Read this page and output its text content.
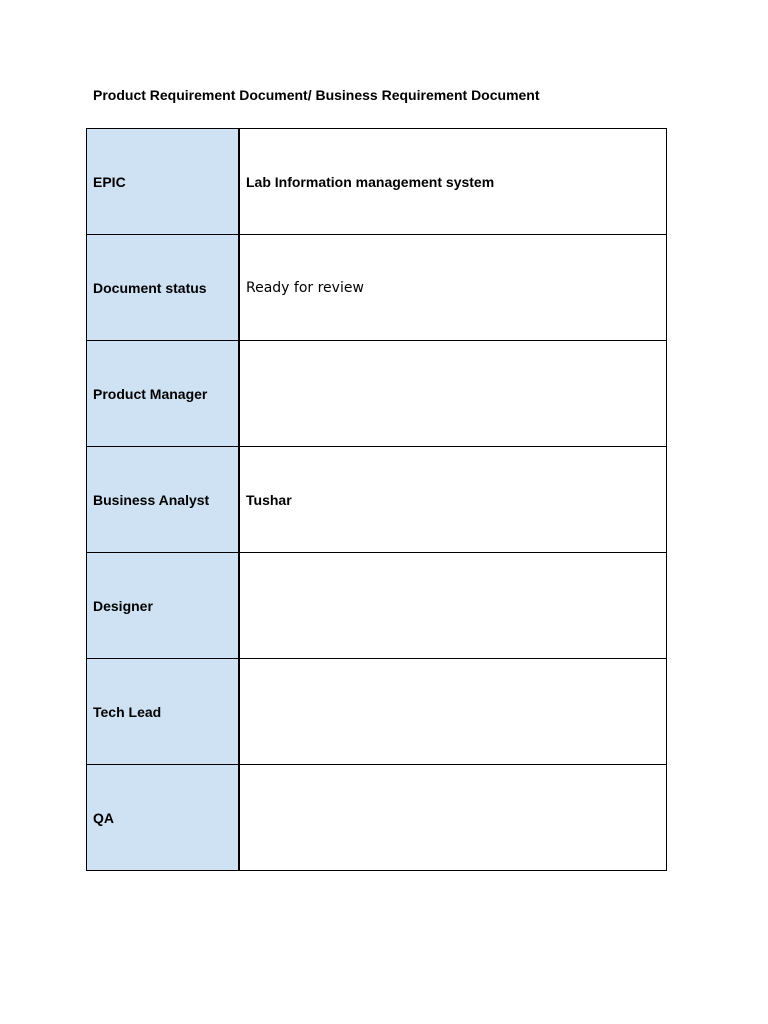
Product Requirement Document/ Business Requirement Document
EPIC	Lab Information management system
Document status	Ready for review
Product Manager	
Business Analyst	Tushar
Designer	
Tech Lead	
QA	
